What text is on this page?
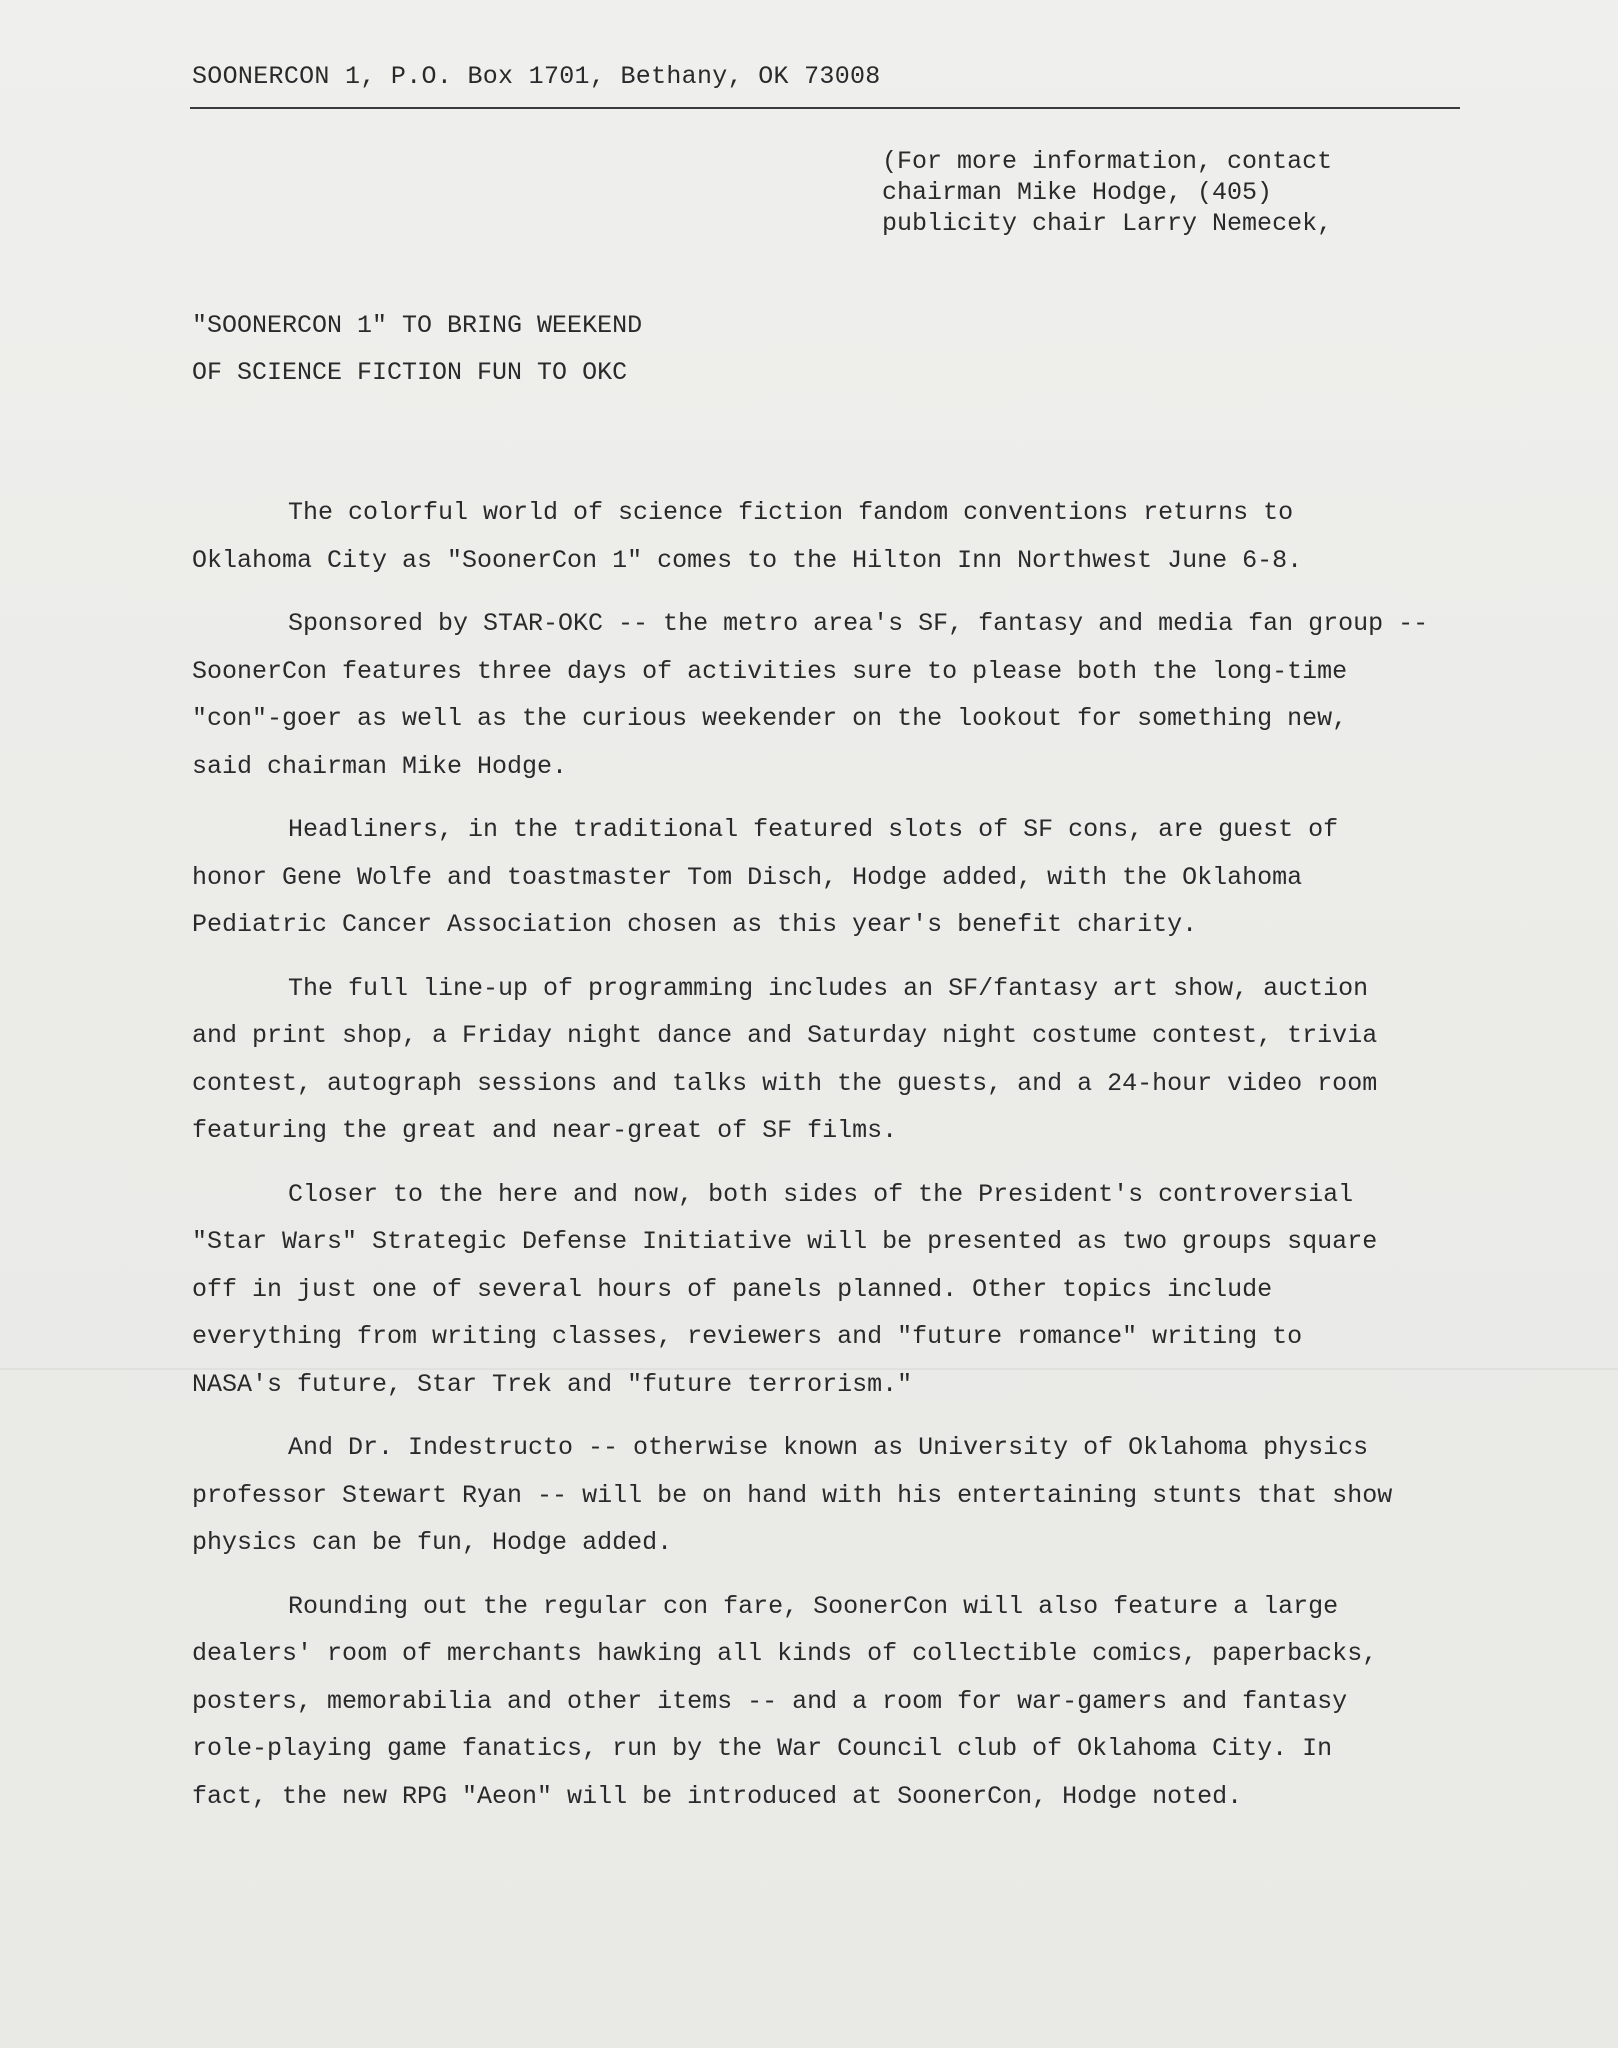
SOONERCON 1, P.O. Box 1701, Bethany, OK 73008
(For more information, contact
chairman Mike Hodge, (405)
publicity chair Larry Nemecek,
"SOONERCON 1" TO BRING WEEKEND
OF SCIENCE FICTION FUN TO OKC
The colorful world of science fiction fandom conventions returns to
Oklahoma City as "SoonerCon 1" comes to the Hilton Inn Northwest June 6-8.
Sponsored by STAR-OKC -- the metro area's SF, fantasy and media fan group --
SoonerCon features three days of activities sure to please both the long-time
"con"-goer as well as the curious weekender on the lookout for something new,
said chairman Mike Hodge.
Headliners, in the traditional featured slots of SF cons, are guest of
honor Gene Wolfe and toastmaster Tom Disch, Hodge added, with the Oklahoma
Pediatric Cancer Association chosen as this year's benefit charity.
The full line-up of programming includes an SF/fantasy art show, auction
and print shop, a Friday night dance and Saturday night costume contest, trivia
contest, autograph sessions and talks with the guests, and a 24-hour video room
featuring the great and near-great of SF films.
Closer to the here and now, both sides of the President's controversial
"Star Wars" Strategic Defense Initiative will be presented as two groups square
off in just one of several hours of panels planned. Other topics include
everything from writing classes, reviewers and "future romance" writing to
NASA's future, Star Trek and "future terrorism."
And Dr. Indestructo -- otherwise known as University of Oklahoma physics
professor Stewart Ryan -- will be on hand with his entertaining stunts that show
physics can be fun, Hodge added.
Rounding out the regular con fare, SoonerCon will also feature a large
dealers' room of merchants hawking all kinds of collectible comics, paperbacks,
posters, memorabilia and other items -- and a room for war-gamers and fantasy
role-playing game fanatics, run by the War Council club of Oklahoma City. In
fact, the new RPG "Aeon" will be introduced at SoonerCon, Hodge noted.
